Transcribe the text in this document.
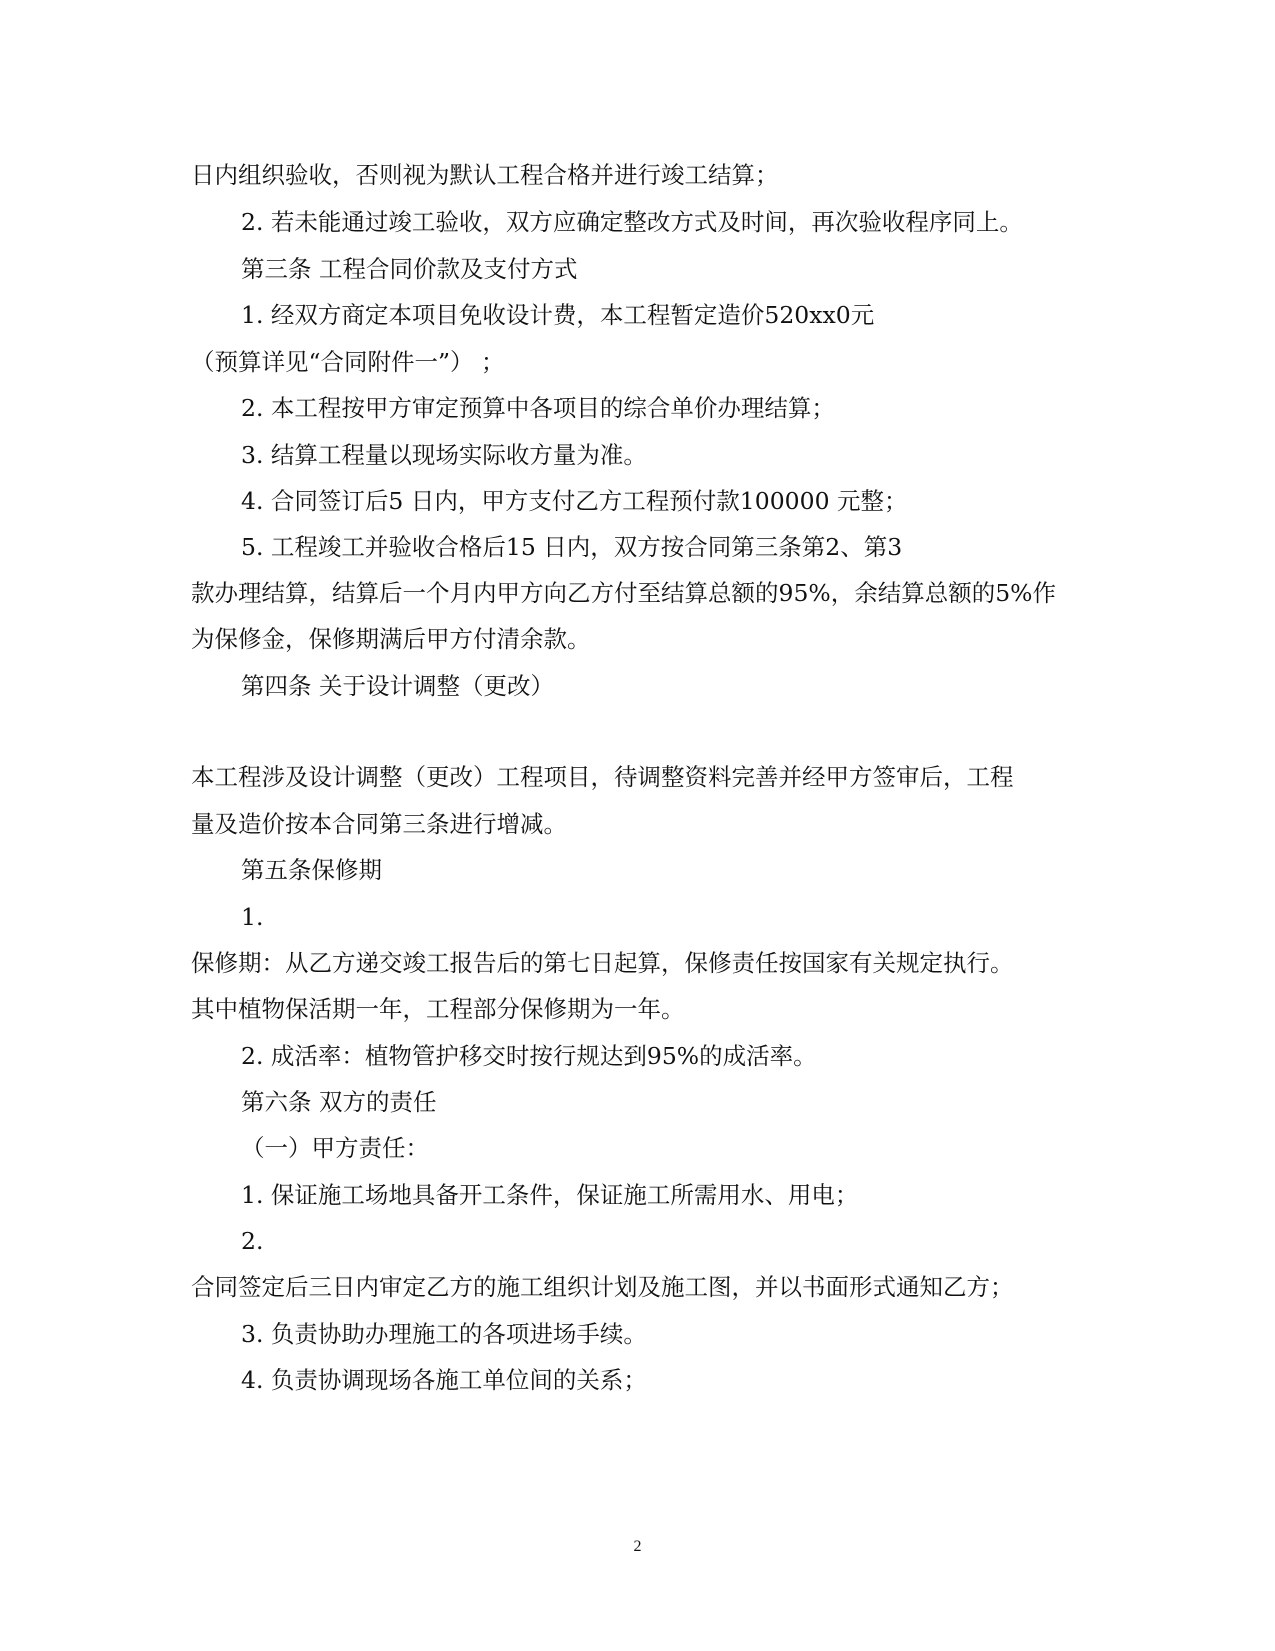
日内组织验收，否则视为默认工程合格并进行竣工结算；
2. 若未能通过竣工验收，双方应确定整改方式及时间，再次验收程序同上。
第三条 工程合同价款及支付方式
1. 经双方商定本项目免收设计费，本工程暂定造价520xx0元
（预算详见“合同附件一”） ；
2. 本工程按甲方审定预算中各项目的综合单价办理结算；
3. 结算工程量以现场实际收方量为准。
4. 合同签订后5 日内，甲方支付乙方工程预付款100000 元整；
5. 工程竣工并验收合格后15 日内，双方按合同第三条第2、第3
款办理结算，结算后一个月内甲方向乙方付至结算总额的95%，余结算总额的5%作
为保修金，保修期满后甲方付清余款。
第四条 关于设计调整（更改）
本工程涉及设计调整（更改）工程项目，待调整资料完善并经甲方签审后，工程
量及造价按本合同第三条进行增减。
第五条保修期
1.
保修期：从乙方递交竣工报告后的第七日起算，保修责任按国家有关规定执行。
其中植物保活期一年，工程部分保修期为一年。
2. 成活率：植物管护移交时按行规达到95%的成活率。
第六条 双方的责任
（一）甲方责任：
1. 保证施工场地具备开工条件，保证施工所需用水、用电；
2.
合同签定后三日内审定乙方的施工组织计划及施工图，并以书面形式通知乙方；
3. 负责协助办理施工的各项进场手续。
4. 负责协调现场各施工单位间的关系；
2
